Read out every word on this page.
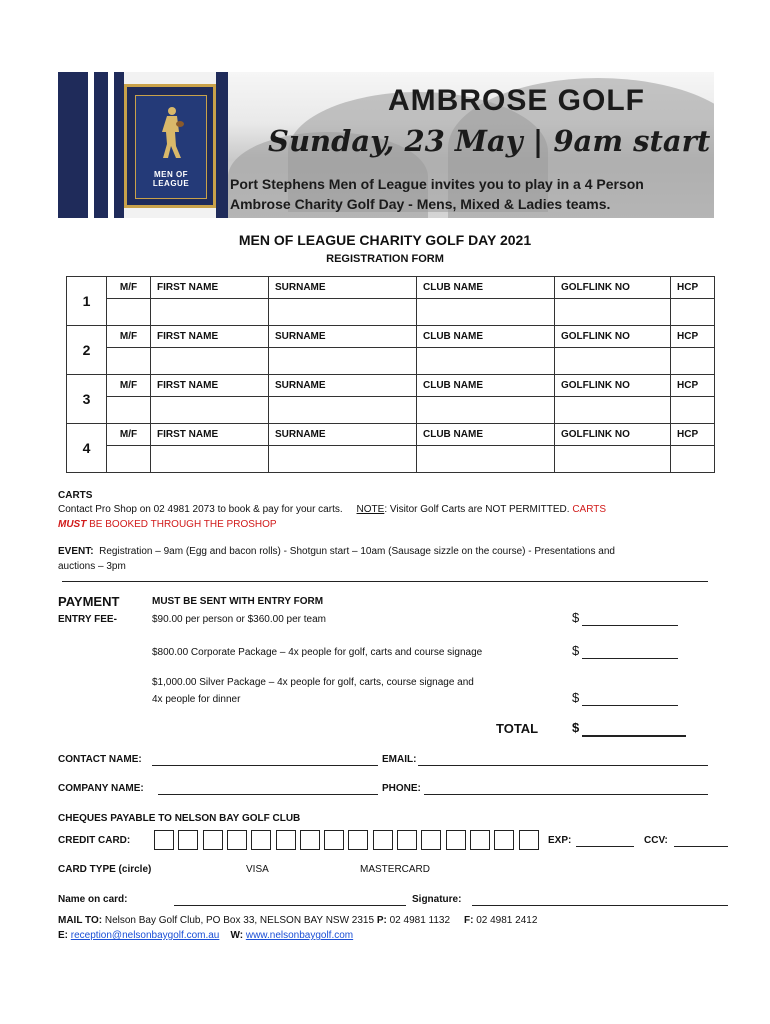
MEN OF LEAGUE
AMBROSE GOLF
Sunday, 23 May | 9am start
Port Stephens Men of League invites you to play in a 4 Person
Ambrose Charity Golf Day - Mens, Mixed & Ladies teams.
MEN OF LEAGUE CHARITY GOLF DAY 2021
REGISTRATION FORM
1	M/F	FIRST NAME	SURNAME	CLUB NAME	GOLFLINK NO	HCP

2	M/F	FIRST NAME	SURNAME	CLUB NAME	GOLFLINK NO	HCP

3	M/F	FIRST NAME	SURNAME	CLUB NAME	GOLFLINK NO	HCP

4	M/F	FIRST NAME	SURNAME	CLUB NAME	GOLFLINK NO	HCP

CARTS
Contact Pro Shop on 02 4981 2073 to book & pay for your carts. NOTE: Visitor Golf Carts are NOT PERMITTED. CARTS
MUST BE BOOKED THROUGH THE PROSHOP
EVENT: Registration – 9am (Egg and bacon rolls) - Shotgun start – 10am (Sausage sizzle on the course) - Presentations and
auctions – 3pm
PAYMENT	MUST BE SENT WITH ENTRY FORM
ENTRY FEE-	$90.00 per person or $360.00 per team	$
$800.00 Corporate Package – 4x people for golf, carts and course signage	$
$1,000.00 Silver Package – 4x people for golf, carts, course signage and
4x people for dinner	$
TOTAL	$
CONTACT NAME:	EMAIL:
COMPANY NAME:	PHONE:
CHEQUES PAYABLE TO NELSON BAY GOLF CLUB
CREDIT CARD:	EXP:	CCV:
CARD TYPE (circle)	VISA	MASTERCARD
Name on card:	Signature:
MAIL TO: Nelson Bay Golf Club, PO Box 33, NELSON BAY NSW 2315 P: 02 4981 1132 F: 02 4981 2412
E: reception@nelsonbaygolf.com.au W: www.nelsonbaygolf.com
